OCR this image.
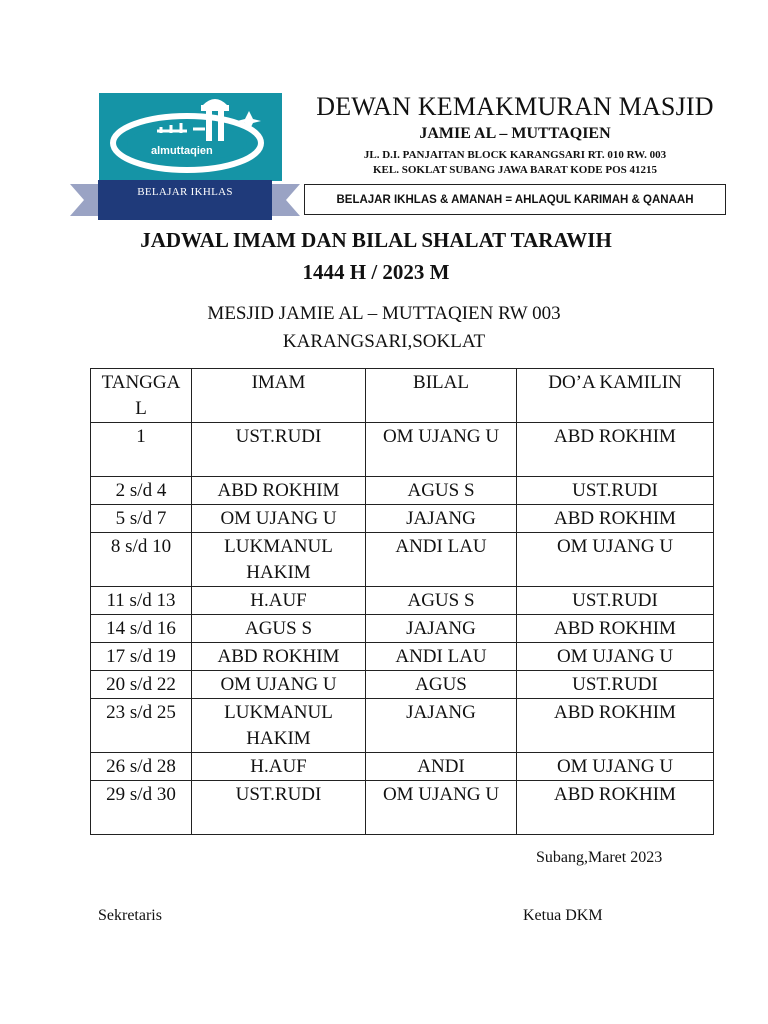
almuttaqien
BELAJAR IKHLAS
DEWAN KEMAKMURAN MASJID
JAMIE AL – MUTTAQIEN
JL. D.I. PANJAITAN BLOCK KARANGSARI RT. 010 RW. 003
KEL. SOKLAT SUBANG JAWA BARAT KODE POS 41215
BELAJAR IKHLAS & AMANAH = AHLAQUL KARIMAH & QANAAH
JADWAL IMAM DAN BILAL SHALAT TARAWIH
1444 H / 2023 M
MESJID JAMIE AL – MUTTAQIEN RW 003
KARANGSARI,SOKLAT
TANGGAL	IMAM	BILAL	DO’A KAMILIN
1	UST.RUDI	OM UJANG U	ABD ROKHIM
2 s/d 4	ABD ROKHIM	AGUS S	UST.RUDI
5 s/d 7	OM UJANG U	JAJANG	ABD ROKHIM
8 s/d 10	LUKMANUL HAKIM	ANDI LAU	OM UJANG U
11 s/d 13	H.AUF	AGUS S	UST.RUDI
14 s/d 16	AGUS S	JAJANG	ABD ROKHIM
17 s/d 19	ABD ROKHIM	ANDI LAU	OM UJANG U
20 s/d 22	OM UJANG U	AGUS	UST.RUDI
23 s/d 25	LUKMANUL HAKIM	JAJANG	ABD ROKHIM
26 s/d 28	H.AUF	ANDI	OM UJANG U
29 s/d 30	UST.RUDI	OM UJANG U	ABD ROKHIM
Subang,Maret 2023
Sekretaris	Ketua DKM
